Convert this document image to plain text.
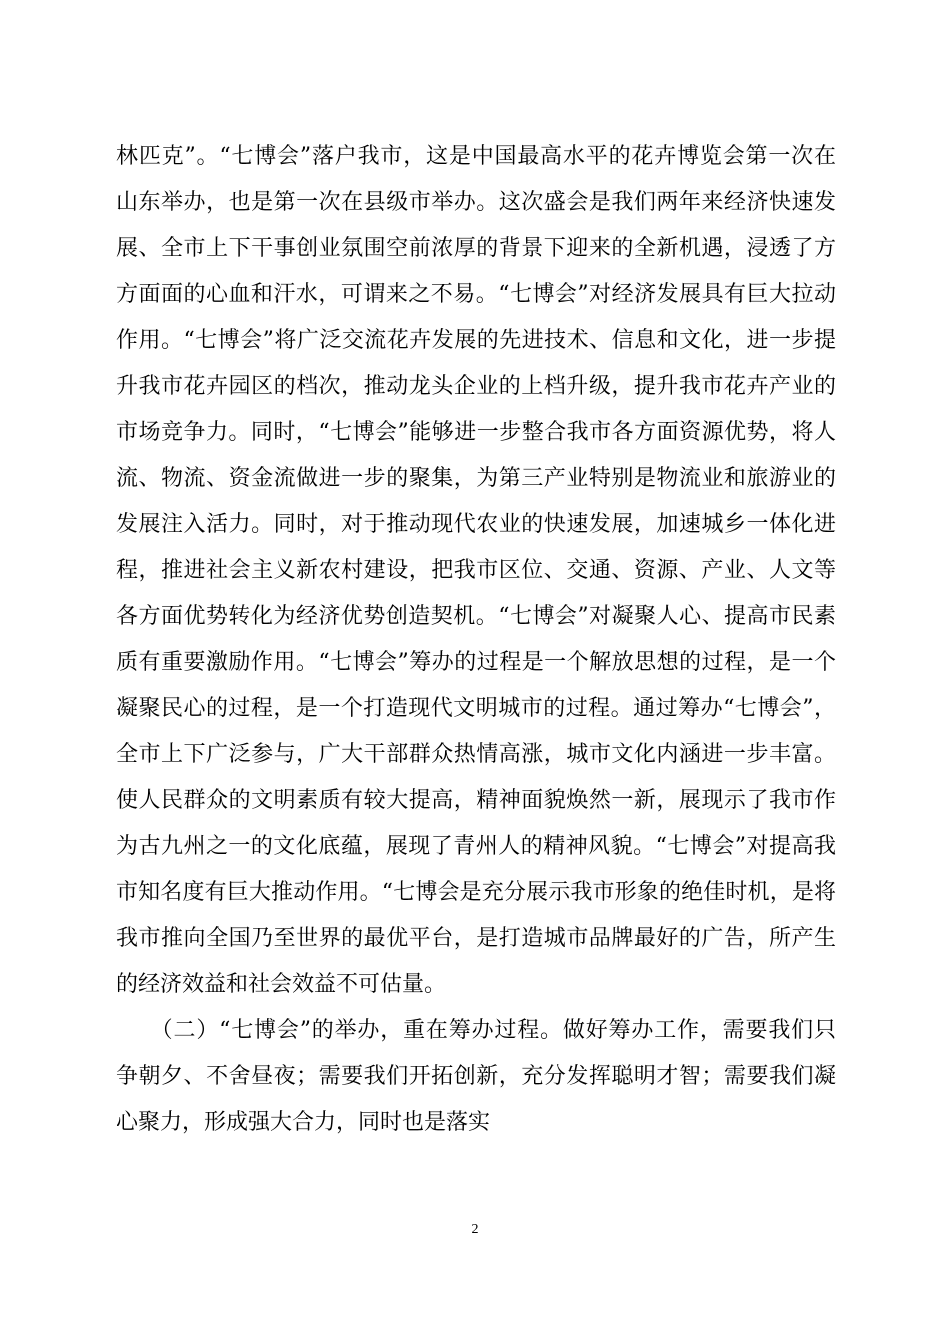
林匹克”。“七博会”落户我市，这是中国最高水平的花卉博览会第一次在
山东举办，也是第一次在县级市举办。这次盛会是我们两年来经济快速发
展、全市上下干事创业氛围空前浓厚的背景下迎来的全新机遇，浸透了方
方面面的心血和汗水，可谓来之不易。“七博会”对经济发展具有巨大拉动
作用。“七博会”将广泛交流花卉发展的先进技术、信息和文化，进一步提
升我市花卉园区的档次，推动龙头企业的上档升级，提升我市花卉产业的
市场竞争力。同时，“七博会”能够进一步整合我市各方面资源优势，将人
流、物流、资金流做进一步的聚集，为第三产业特别是物流业和旅游业的
发展注入活力。同时，对于推动现代农业的快速发展，加速城乡一体化进
程，推进社会主义新农村建设，把我市区位、交通、资源、产业、人文等
各方面优势转化为经济优势创造契机。“七博会”对凝聚人心、提高市民素
质有重要激励作用。“七博会”筹办的过程是一个解放思想的过程，是一个
凝聚民心的过程，是一个打造现代文明城市的过程。通过筹办“七博会”，
全市上下广泛参与，广大干部群众热情高涨，城市文化内涵进一步丰富。
使人民群众的文明素质有较大提高，精神面貌焕然一新，展现示了我市作
为古九州之一的文化底蕴，展现了青州人的精神风貌。“七博会”对提高我
市知名度有巨大推动作用。“七博会是充分展示我市形象的绝佳时机，是将
我市推向全国乃至世界的最优平台，是打造城市品牌最好的广告，所产生
的经济效益和社会效益不可估量。
　　（二）“七博会”的举办，重在筹办过程。做好筹办工作，需要我们只
争朝夕、不舍昼夜；需要我们开拓创新，充分发挥聪明才智；需要我们凝
心聚力，形成强大合力，同时也是落实
2
